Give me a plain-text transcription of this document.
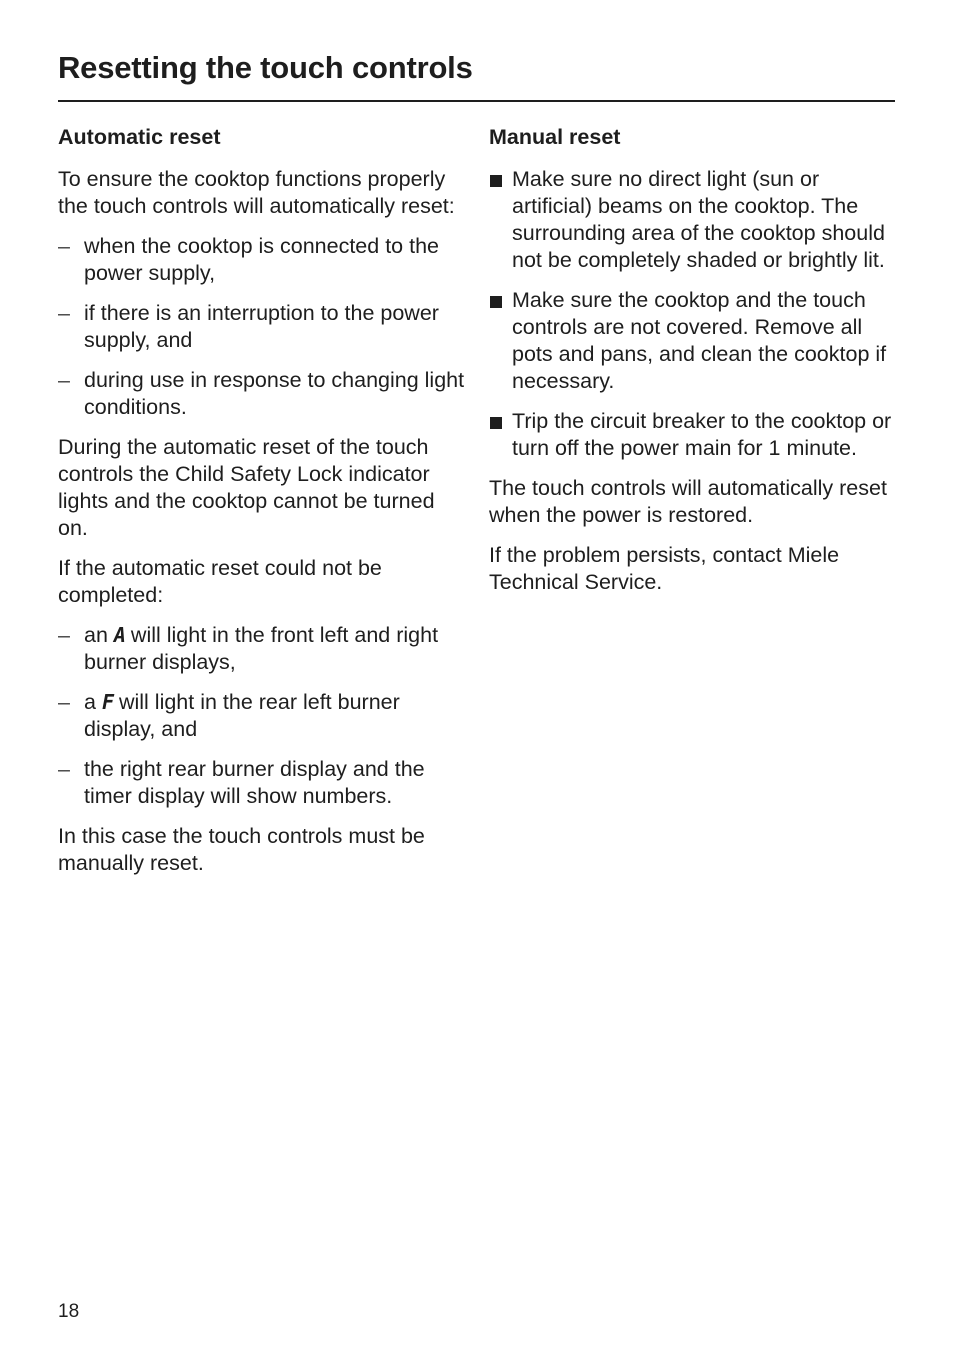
Resetting the touch controls
Automatic reset

To ensure the cooktop functions properly the touch controls will automatically reset:

– when the cooktop is connected to the power supply,
– if there is an interruption to the power supply, and
– during use in response to changing light conditions.

During the automatic reset of the touch controls the Child Safety Lock indicator lights and the cooktop cannot be turned on.

If the automatic reset could not be completed:

– an A will light in the front left and right burner displays,
– a F will light in the rear left burner display, and
– the right rear burner display and the timer display will show numbers.

In this case the touch controls must be manually reset.

Manual reset
Make sure no direct light (sun or artificial) beams on the cooktop. The surrounding area of the cooktop should not be completely shaded or brightly lit.
Make sure the cooktop and the touch controls are not covered. Remove all pots and pans, and clean the cooktop if necessary.
Trip the circuit breaker to the cooktop or turn off the power main for 1 minute.

The touch controls will automatically reset when the power is restored.

If the problem persists, contact Miele Technical Service.

18
